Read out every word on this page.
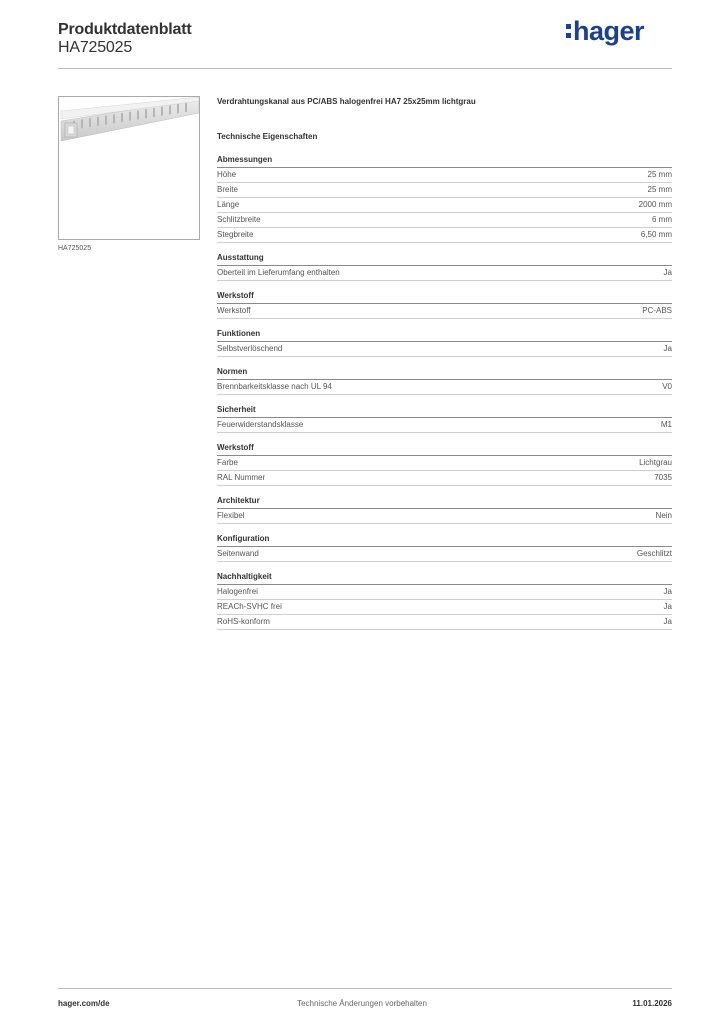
Produktdatenblatt
HA725025
hager
HA725025
Verdrahtungskanal aus PC/ABS halogenfrei HA7 25x25mm lichtgrau
Technische Eigenschaften
Abmessungen
Höhe	25 mm
Breite	25 mm
Länge	2000 mm
Schlitzbreite	6 mm
Stegbreite	6,50 mm
Ausstattung
Oberteil im Lieferumfang enthalten	Ja
Werkstoff
Werkstoff	PC-ABS
Funktionen
Selbstverlöschend	Ja
Normen
Brennbarkeitsklasse nach UL 94	V0
Sicherheit
Feuerwiderstandsklasse	M1
Werkstoff
Farbe	Lichtgrau
RAL Nummer	7035
Architektur
Flexibel	Nein
Konfiguration
Seitenwand	Geschlitzt
Nachhaltigkeit
Halogenfrei	Ja
REACh-SVHC frei	Ja
RoHS-konform	Ja
hager.com/de	Technische Änderungen vorbehalten	11.01.2026
